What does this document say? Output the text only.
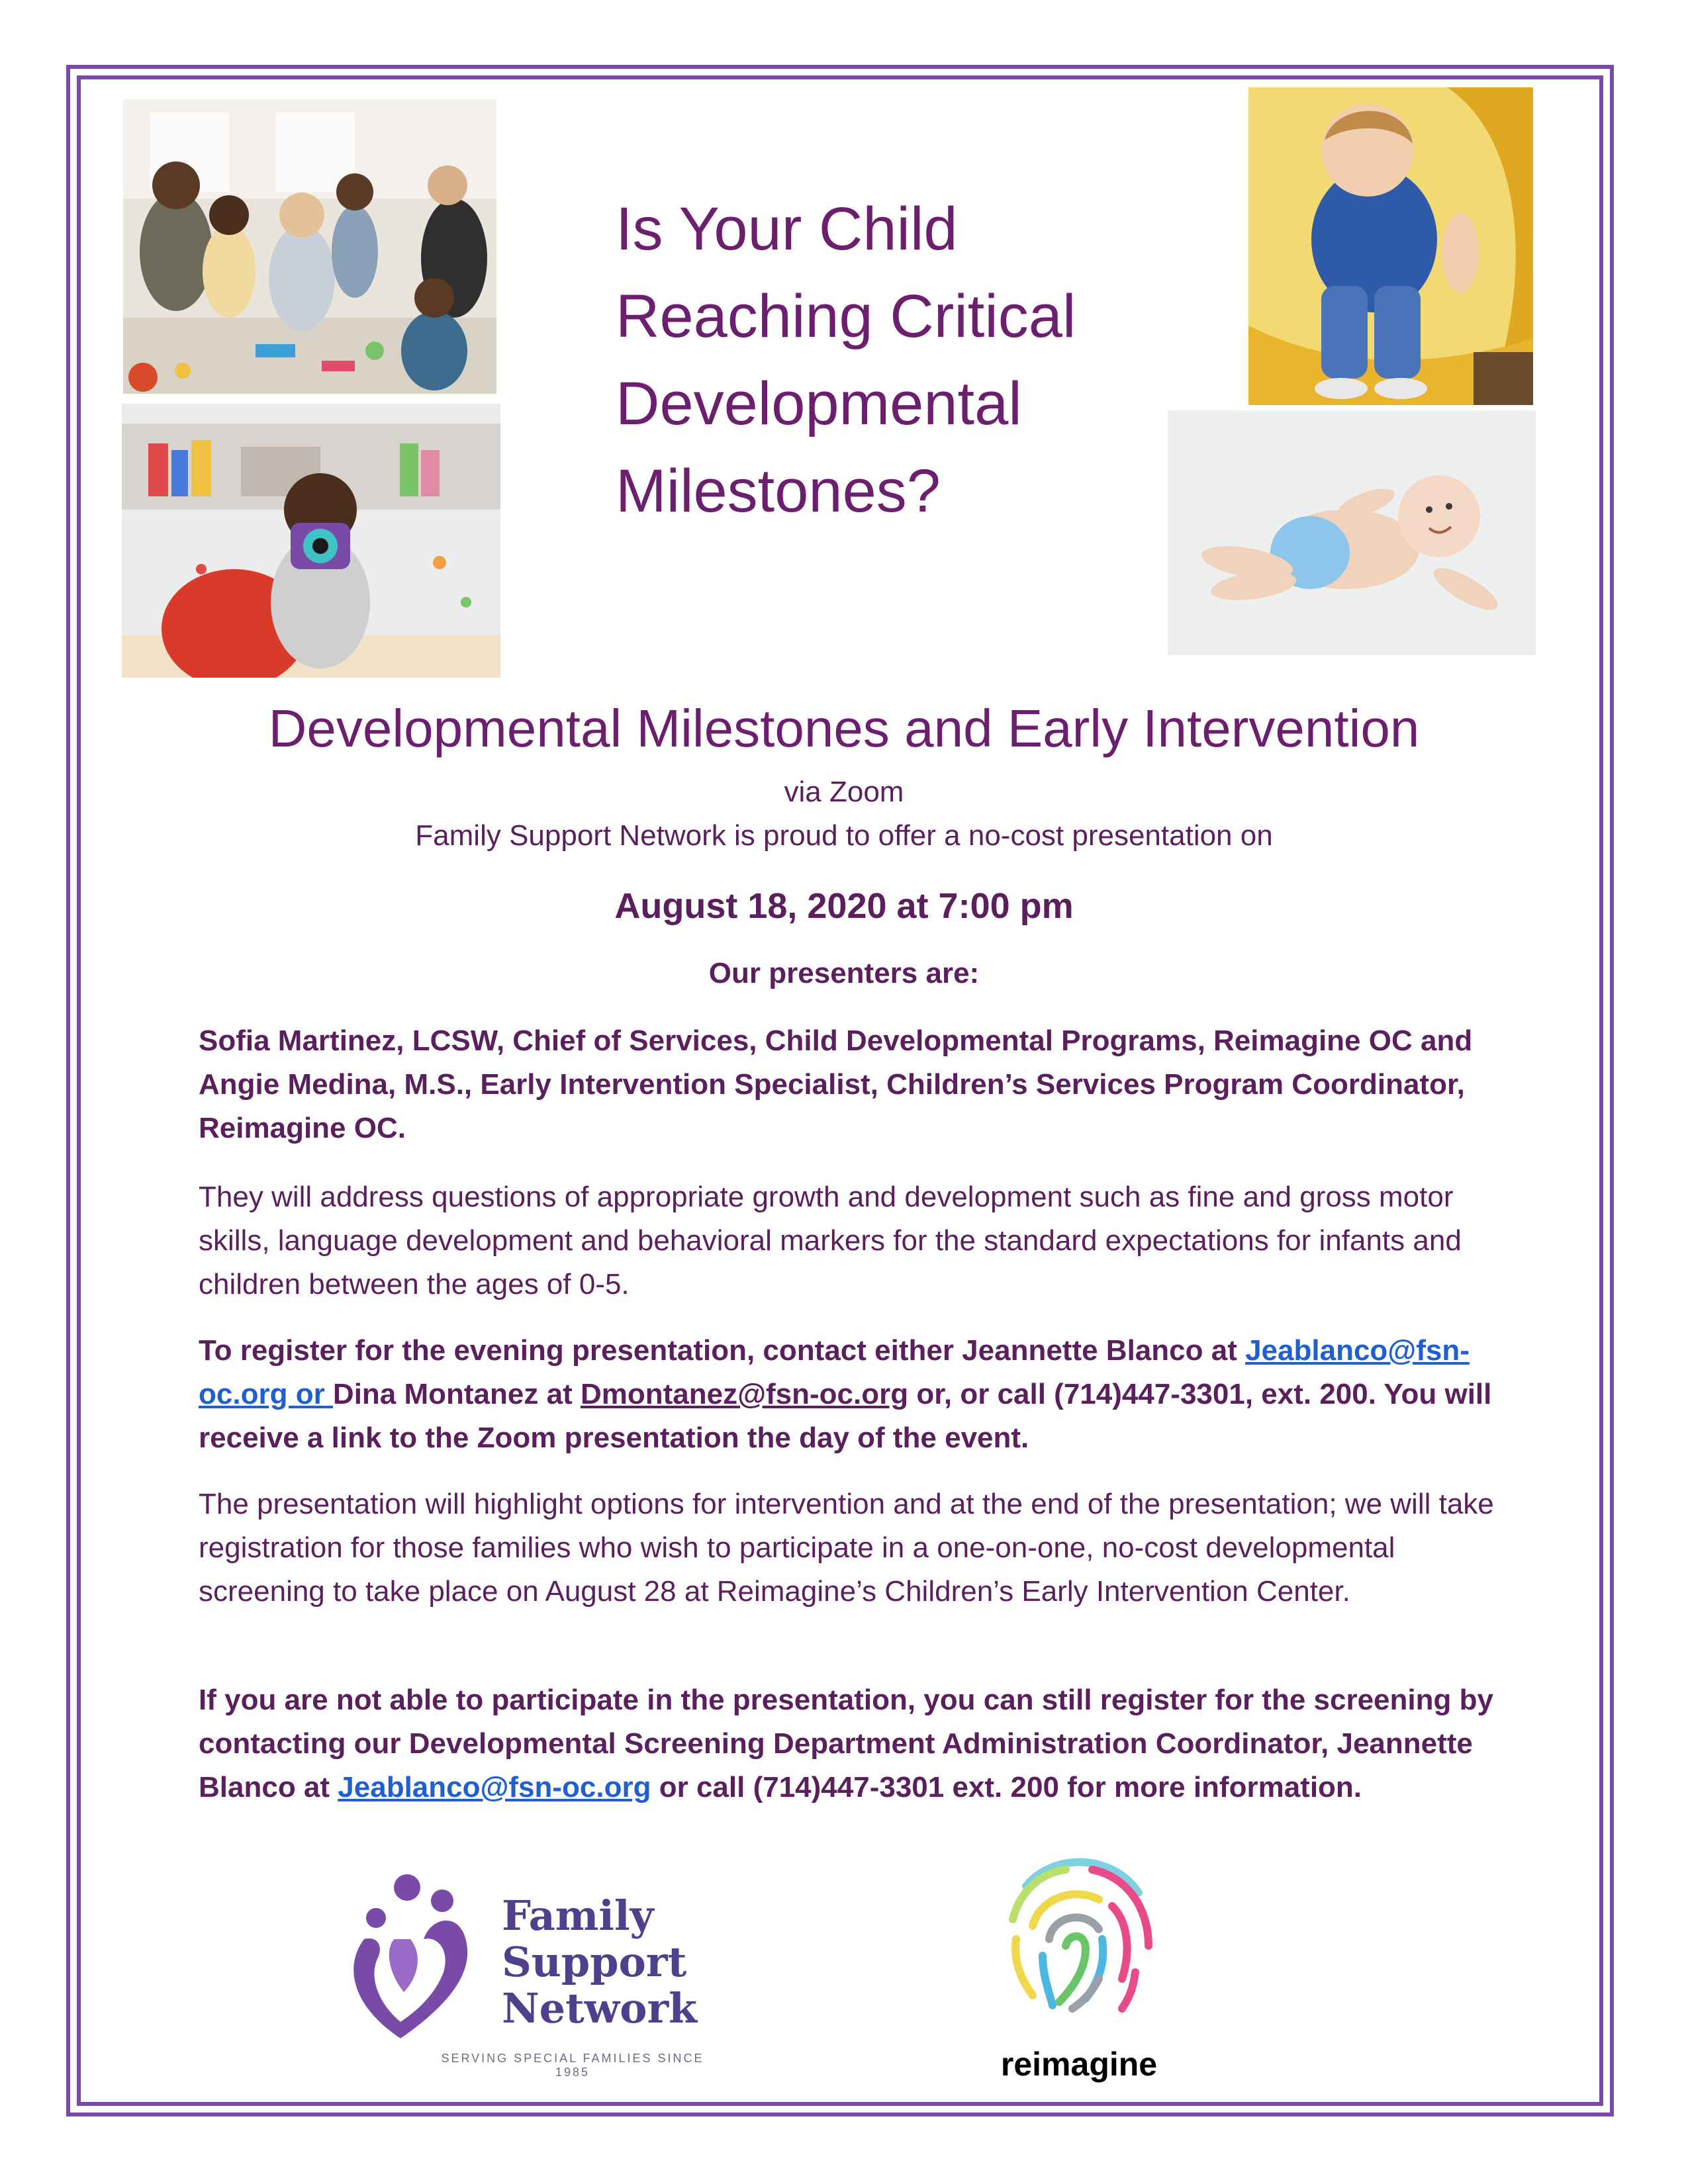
Is Your Child
Reaching Critical
Developmental
Milestones?
Developmental Milestones and Early Intervention
via Zoom
Family Support Network is proud to offer a no-cost presentation on
August 18, 2020 at 7:00 pm
Our presenters are:

Sofia Martinez, LCSW, Chief of Services, Child Developmental Programs, Reimagine OC and Angie Medina, M.S., Early Intervention Specialist, Children’s Services Program Coordinator, Reimagine OC.

They will address questions of appropriate growth and development such as fine and gross motor skills, language development and behavioral markers for the standard expectations for infants and children between the ages of 0-5.

To register for the evening presentation, contact either Jeannette Blanco at Jeablanco@fsn-oc.org or Dina Montanez at Dmontanez@fsn-oc.org or, or call (714)447-3301, ext. 200. You will receive a link to the Zoom presentation the day of the event.

The presentation will highlight options for intervention and at the end of the presentation; we will take registration for those families who wish to participate in a one-on-one, no-cost developmental screening to take place on August 28 at Reimagine’s Children’s Early Intervention Center.

If you are not able to participate in the presentation, you can still register for the screening by contacting our Developmental Screening Department Administration Coordinator, Jeannette Blanco at Jeablanco@fsn-oc.org or call (714)447-3301 ext. 200 for more information.

Family
Support
Network
SERVING SPECIAL FAMILIES SINCE 1985	reimagine
